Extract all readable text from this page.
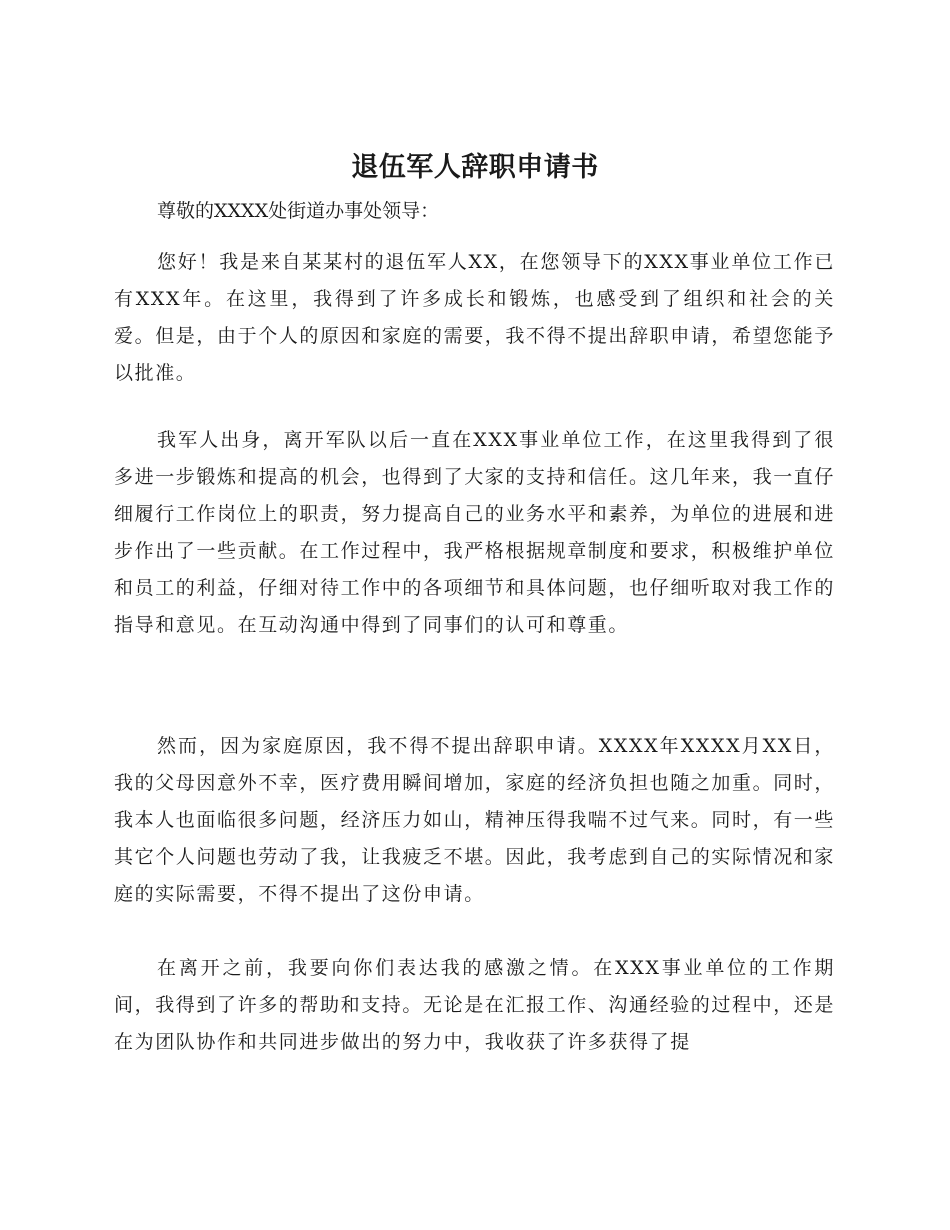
退伍军人辞职申请书

尊敬的XXXX处街道办事处领导：

您好！我是来自某某村的退伍军人XX，在您领导下的XXX事业单位工作已有XXX年。在这里，我得到了许多成长和锻炼，也感受到了组织和社会的关爱。但是，由于个人的原因和家庭的需要，我不得不提出辞职申请，希望您能予以批准。

我军人出身，离开军队以后一直在XXX事业单位工作，在这里我得到了很多进一步锻炼和提高的机会，也得到了大家的支持和信任。这几年来，我一直仔细履行工作岗位上的职责，努力提高自己的业务水平和素养，为单位的进展和进步作出了一些贡献。在工作过程中，我严格根据规章制度和要求，积极维护单位和员工的利益，仔细对待工作中的各项细节和具体问题，也仔细听取对我工作的指导和意见。在互动沟通中得到了同事们的认可和尊重。

然而，因为家庭原因，我不得不提出辞职申请。XXXX年XXXX月XX日，我的父母因意外不幸，医疗费用瞬间增加，家庭的经济负担也随之加重。同时，我本人也面临很多问题，经济压力如山，精神压得我喘不过气来。同时，有一些其它个人问题也劳动了我，让我疲乏不堪。因此，我考虑到自己的实际情况和家庭的实际需要，不得不提出了这份申请。

在离开之前，我要向你们表达我的感激之情。在XXX事业单位的工作期间，我得到了许多的帮助和支持。无论是在汇报工作、沟通经验的过程中，还是在为团队协作和共同进步做出的努力中，我收获了许多获得了提
